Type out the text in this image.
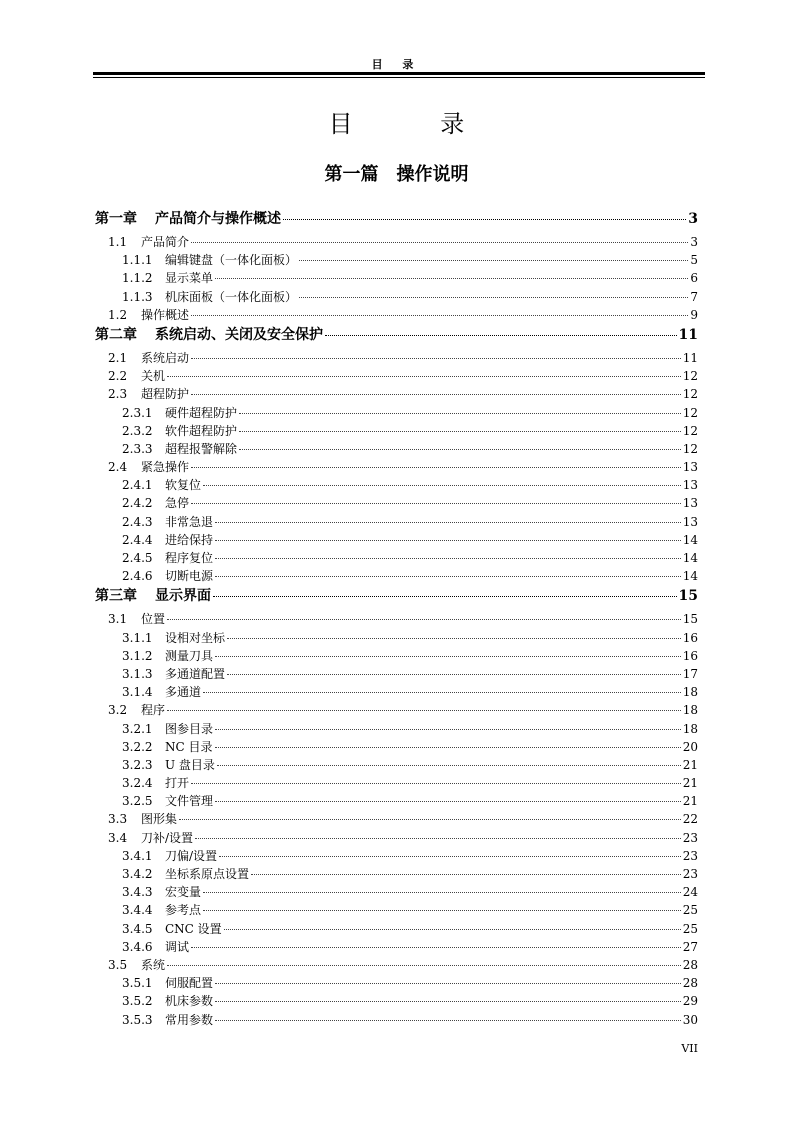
目 录
目 录
第一篇　操作说明
第一章	产品简介与操作概述	3
1.1	产品简介	3
1.1.1	编辑键盘（一体化面板）	5
1.1.2	显示菜单	6
1.1.3	机床面板（一体化面板）	7
1.2	操作概述	9
第二章	系统启动、关闭及安全保护	11
2.1	系统启动	11
2.2	关机	12
2.3	超程防护	12
2.3.1	硬件超程防护	12
2.3.2	软件超程防护	12
2.3.3	超程报警解除	12
2.4	紧急操作	13
2.4.1	软复位	13
2.4.2	急停	13
2.4.3	非常急退	13
2.4.4	进给保持	14
2.4.5	程序复位	14
2.4.6	切断电源	14
第三章	显示界面	15
3.1	位置	15
3.1.1	设相对坐标	16
3.1.2	测量刀具	16
3.1.3	多通道配置	17
3.1.4	多通道	18
3.2	程序	18
3.2.1	图参目录	18
3.2.2	NC 目录	20
3.2.3	U 盘目录	21
3.2.4	打开	21
3.2.5	文件管理	21
3.3	图形集	22
3.4	刀补/设置	23
3.4.1	刀偏/设置	23
3.4.2	坐标系原点设置	23
3.4.3	宏变量	24
3.4.4	参考点	25
3.4.5	CNC 设置	25
3.4.6	调试	27
3.5	系统	28
3.5.1	伺服配置	28
3.5.2	机床参数	29
3.5.3	常用参数	30
VII
